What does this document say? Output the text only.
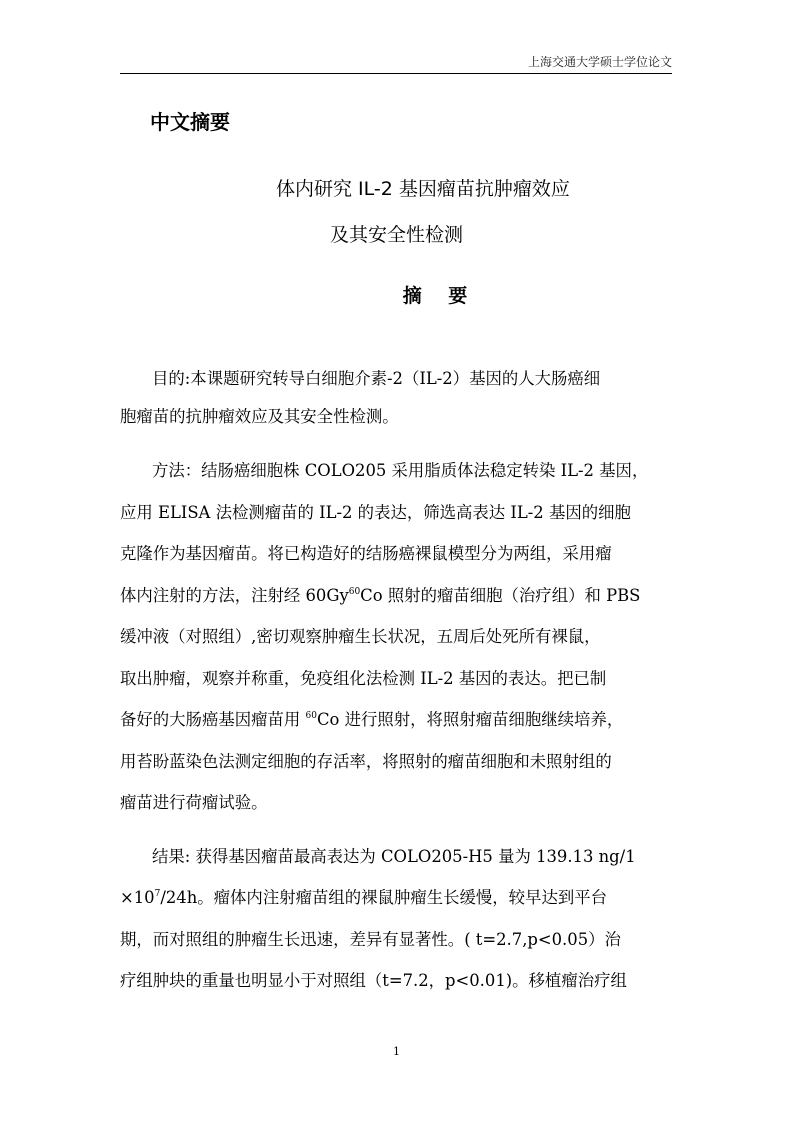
上海交通大学硕士学位论文
中文摘要
体内研究 IL-2 基因瘤苗抗肿瘤效应
及其安全性检测
摘 要
目的:本课题研究转导白细胞介素-2（IL-2）基因的人大肠癌细
胞瘤苗的抗肿瘤效应及其安全性检测。
方法：结肠癌细胞株 COLO205 采用脂质体法稳定转染 IL-2 基因，
应用 ELISA 法检测瘤苗的 IL-2 的表达，筛选高表达 IL-2 基因的细胞
克隆作为基因瘤苗。将已构造好的结肠癌裸鼠模型分为两组，采用瘤
体内注射的方法，注射经 60Gy$^{60}$Co 照射的瘤苗细胞（治疗组）和 PBS
缓冲液（对照组）,密切观察肿瘤生长状况，五周后处死所有裸鼠，
取出肿瘤，观察并称重，免疫组化法检测 IL-2 基因的表达。把已制
备好的大肠癌基因瘤苗用 $^{60}$Co 进行照射，将照射瘤苗细胞继续培养，
用苔盼蓝染色法测定细胞的存活率，将照射的瘤苗细胞和未照射组的
瘤苗进行荷瘤试验。
结果: 获得基因瘤苗最高表达为 COLO205-H5 量为 139.13 ng/1
$\times 10^7/24h$。瘤体内注射瘤苗组的裸鼠肿瘤生长缓慢，较早达到平台
期，而对照组的肿瘤生长迅速，差异有显著性。( t=2.7,p<0.05）治
疗组肿块的重量也明显小于对照组（t=7.2，p<0.01)。移植瘤治疗组
1
